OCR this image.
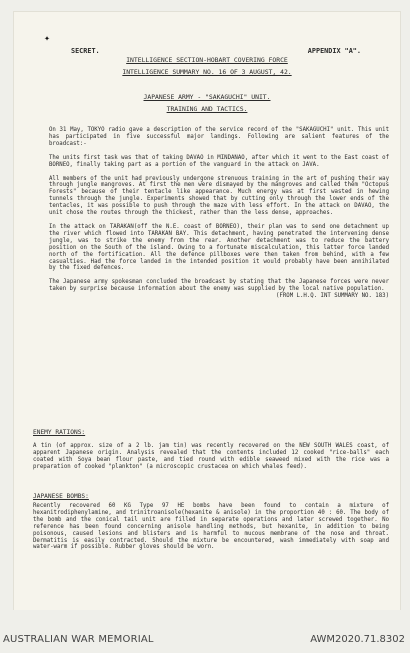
✦
SECRET.	APPENDIX "A".
INTELLIGENCE SECTION-HOBART COVERING FORCE
INTELLIGENCE SUMMARY NO. 16 OF 3 AUGUST, 42.
JAPANESE ARMY - "SAKAGUCHI" UNIT.
TRAINING AND TACTICS.

On 31 May, TOKYO radio gave a description of the service record of the "SAKAGUCHI" unit. This unit has participated in five successful major landings. Following are salient features of the broadcast:-

The units first task was that of taking DAVAO in MINDANAO, after which it went to the East coast of BORNEO, finally taking part as a portion of the vanguard in the attack on JAVA.

All members of the unit had previously undergone strenuous training in the art of pushing their way through jungle mangroves. At first the men were dismayed by the mangroves and called them "Octopus Forests" because of their tentacle like appearance. Much energy was at first wasted in hewing tunnels through the jungle. Experiments showed that by cutting only through the lower ends of the tentacles, it was possible to push through the maze with less effort. In the attack on DAVAO, the unit chose the routes through the thickest, rather than the less dense, approaches.

In the attack on TARAKAN(off the N.E. coast of BORNEO), their plan was to send one detachment up the river which flowed into TARAKAN BAY. This detachment, having penetrated the intervening dense jungle, was to strike the enemy from the rear. Another detachment was to reduce the battery position on the South of the island. Owing to a fortunate miscalculation, this latter force landed north of the fortification. All the defence pillboxes were then taken from behind, with a few casualties. Had the force landed in the intended position it would probably have been annihilated by the fixed defences.

The Japanese army spokesman concluded the broadcast by stating that the Japanese forces were never taken by surprise because information about the enemy was supplied by the local native population.

(FROM L.H.Q. INT SUMMARY NO. 183)

ENEMY RATIONS:

A tin (of approx. size of a 2 lb. jam tin) was recently recovered on the NEW SOUTH WALES coast, of apparent Japanese origin. Analysis revealed that the contents included 12 cooked "rice-balls" each coated with Soya bean flour paste, and tied round with edible seaweed mixed with the rice was a preparation of cooked "plankton" (a microscopic crustacea on which whales feed).

JAPANESE BOMBS:

Recently recovered 60 KG Type 97 HE bombs have been found to contain a mixture of hexanitrodiphenylamine, and trinitroanisole(hexanite & anisole) in the proportion 40 : 60. The body of the bomb and the conical tail unit are filled in separate operations and later screwed together. No reference has been found concerning anisole handling methods, but hexanite, in addition to being poisonous, caused lesions and blisters and is harmful to mucous membrane of the nose and throat. Dermatitis is easily contracted. Should the mixture be encountered, wash immediately with soap and water-warm if possible. Rubber gloves should be worn.

AUSTRALIAN WAR MEMORIAL	AWM2020.71.8302
